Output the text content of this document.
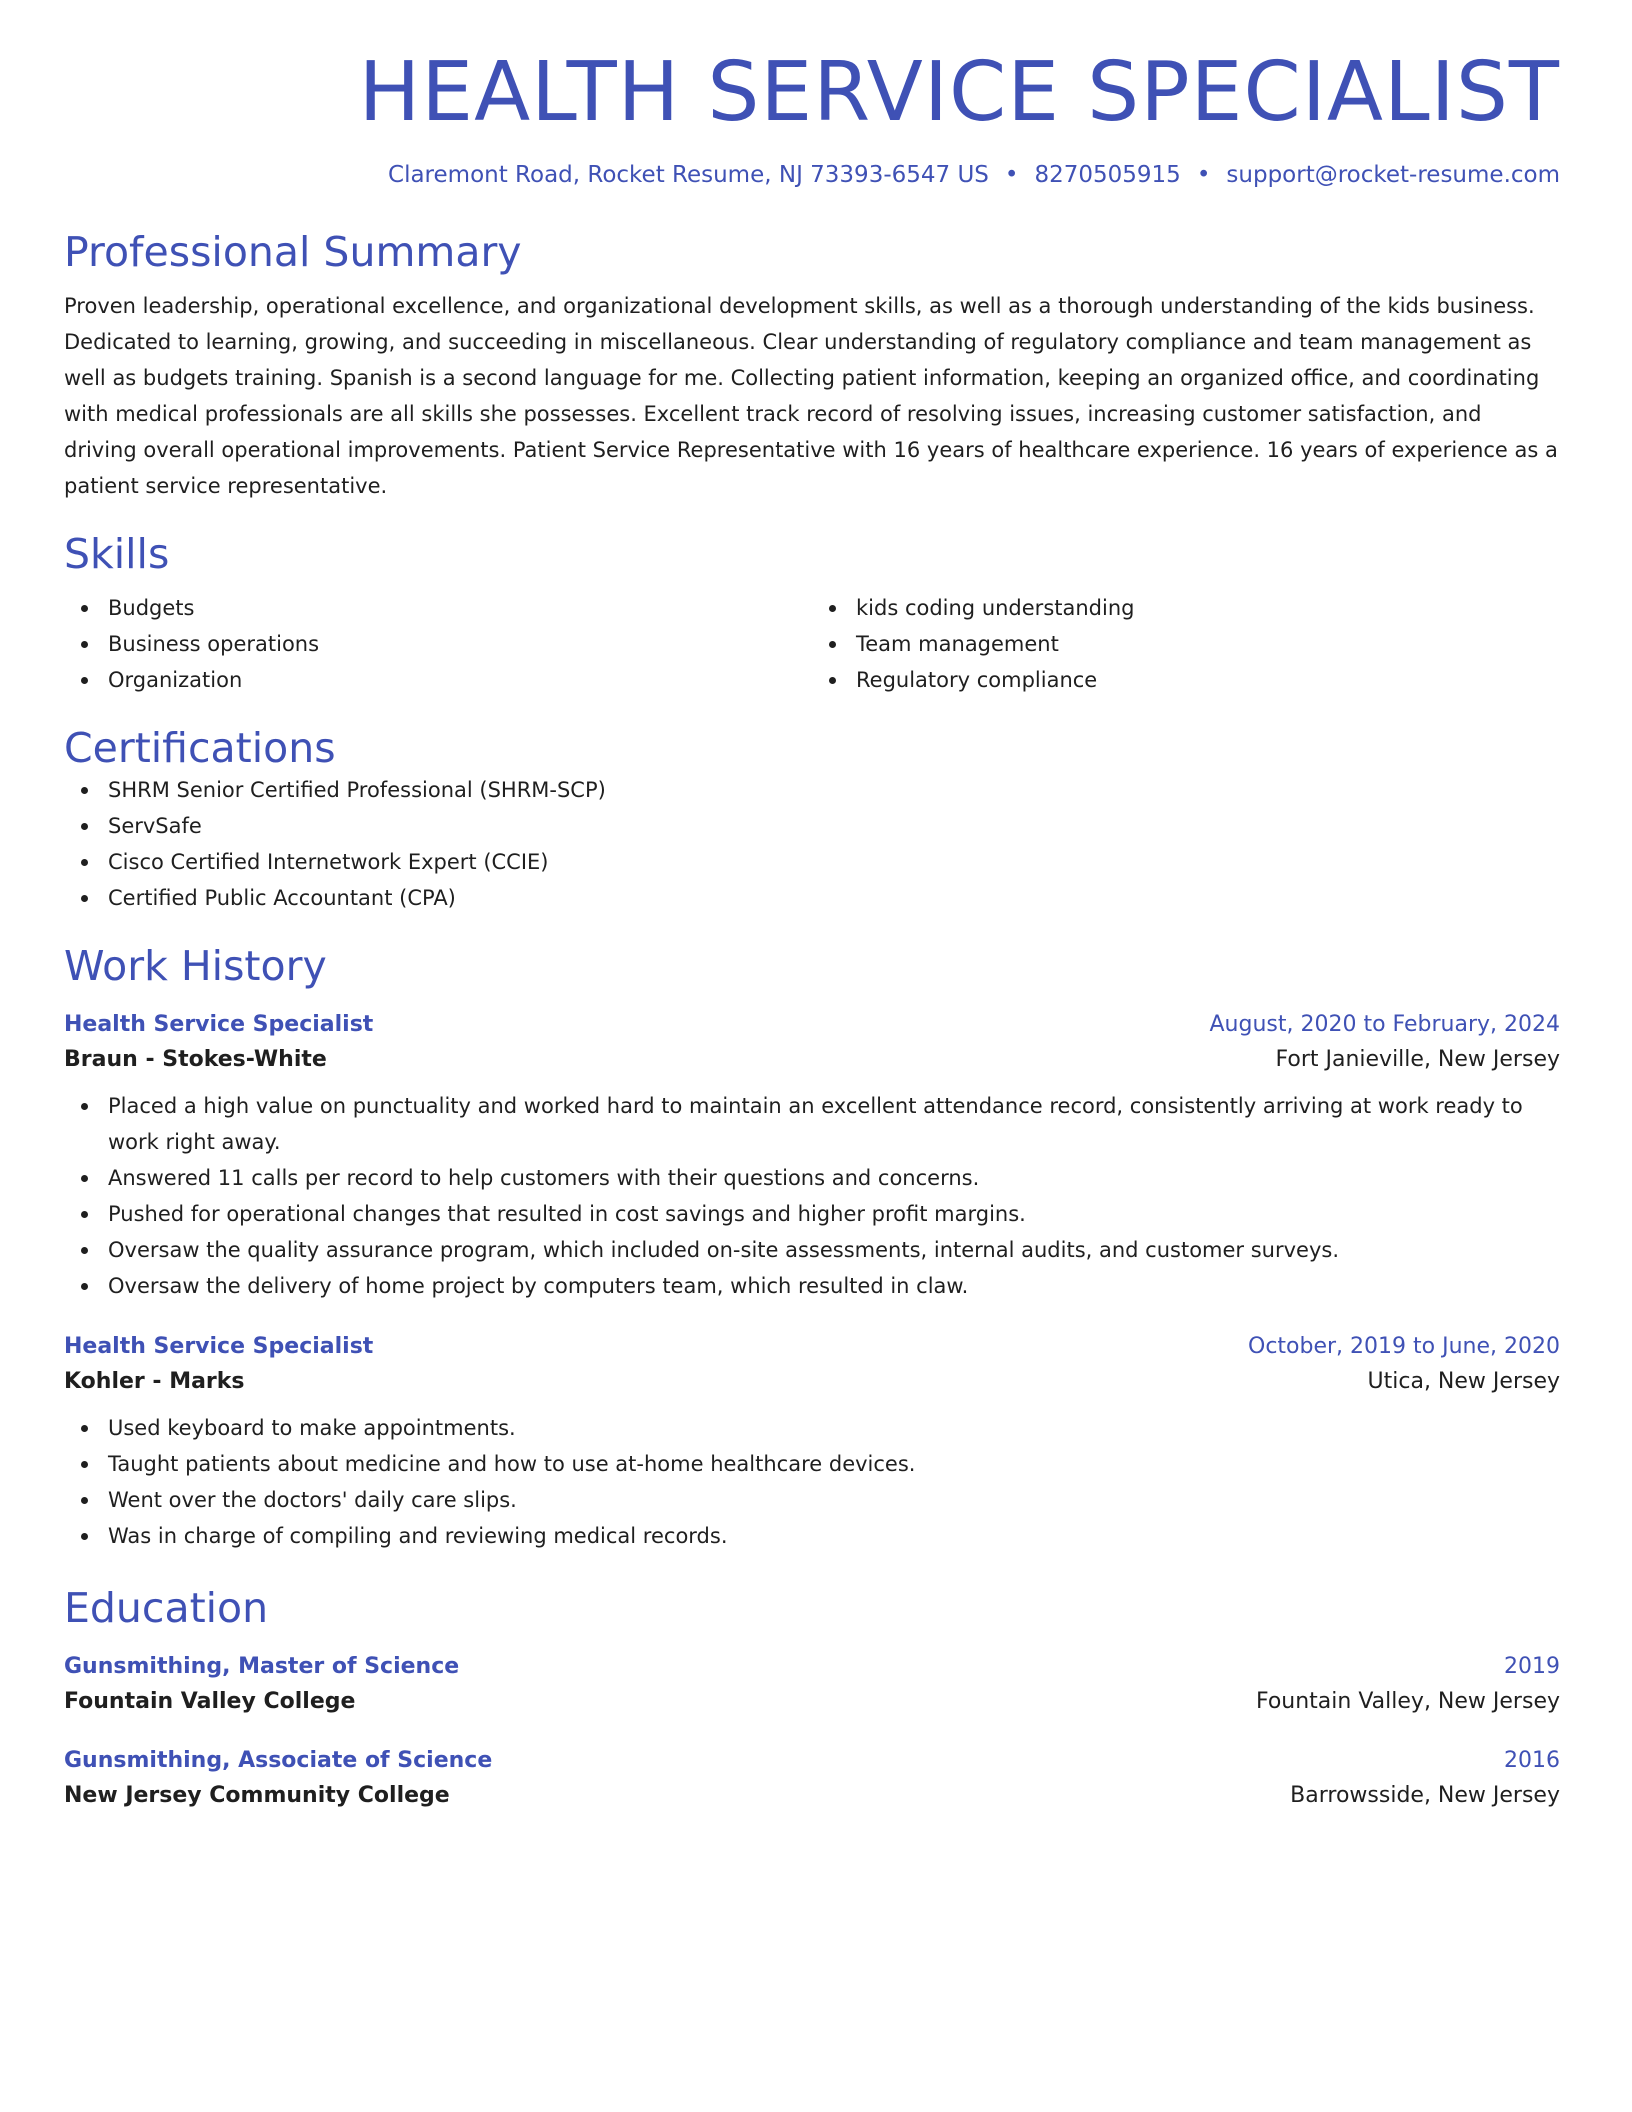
HEALTH SERVICE SPECIALIST
Claremont Road, Rocket Resume, NJ 73393-6547 US • 8270505915 • support@rocket-resume.com
Professional Summary
Proven leadership, operational excellence, and organizational development skills, as well as a thorough understanding of the kids business. Dedicated to learning, growing, and succeeding in miscellaneous. Clear understanding of regulatory compliance and team management as well as budgets training. Spanish is a second language for me. Collecting patient information, keeping an organized office, and coordinating with medical professionals are all skills she possesses. Excellent track record of resolving issues, increasing customer satisfaction, and driving overall operational improvements. Patient Service Representative with 16 years of healthcare experience. 16 years of experience as a patient service representative.
Skills
Budgets
Business operations
Organization
kids coding understanding
Team management
Regulatory compliance
Certifications
SHRM Senior Certified Professional (SHRM-SCP)
ServSafe
Cisco Certified Internetwork Expert (CCIE)
Certified Public Accountant (CPA)
Work History
Health Service Specialist	August, 2020 to February, 2024
Braun - Stokes-White	Fort Janieville, New Jersey
Placed a high value on punctuality and worked hard to maintain an excellent attendance record, consistently arriving at work ready to work right away.
Answered 11 calls per record to help customers with their questions and concerns.
Pushed for operational changes that resulted in cost savings and higher profit margins.
Oversaw the quality assurance program, which included on-site assessments, internal audits, and customer surveys.
Oversaw the delivery of home project by computers team, which resulted in claw.
Health Service Specialist	October, 2019 to June, 2020
Kohler - Marks	Utica, New Jersey
Used keyboard to make appointments.
Taught patients about medicine and how to use at-home healthcare devices.
Went over the doctors' daily care slips.
Was in charge of compiling and reviewing medical records.
Education
Gunsmithing, Master of Science	2019
Fountain Valley College	Fountain Valley, New Jersey
Gunsmithing, Associate of Science	2016
New Jersey Community College	Barrowsside, New Jersey
